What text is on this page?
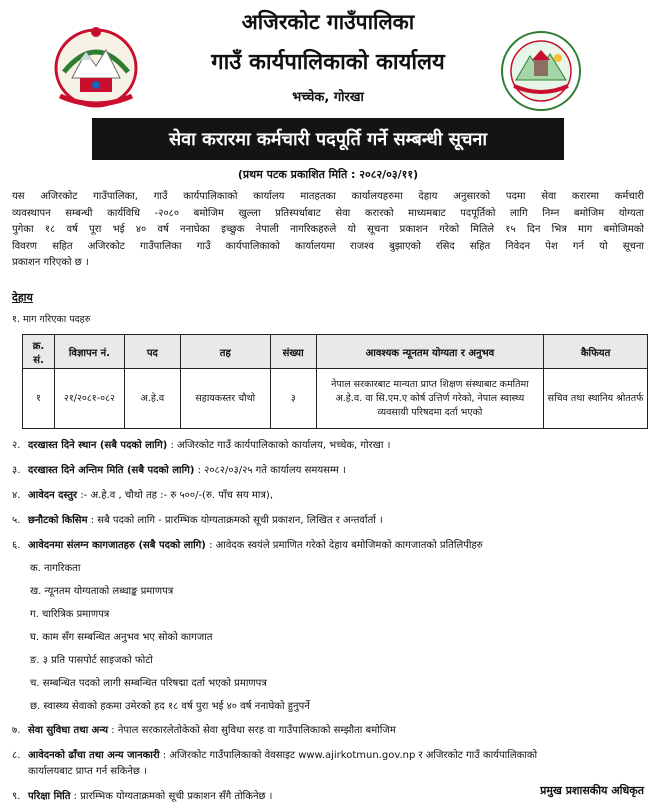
अजिरकोट गाउँपालिका
गाउँ कार्यपालिकाको कार्यालय
भच्चेक, गोरखा
सेवा करारमा कर्मचारी पदपूर्ति गर्ने सम्बन्धी सूचना
(प्रथम पटक प्रकाशित मिति : २०८२/०३/११)
यस अजिरकोट गाउँपालिका, गाउँ कार्यपालिकाको कार्यालय मातहतका कार्यालयहरुमा देहाय अनुसारको पदमा सेवा करारमा कर्मचारी
व्यवस्थापन सम्बन्धी कार्यविधि -२०८० बमोजिम खुल्ला प्रतिस्पर्धाबाट सेवा करारको माध्यमबाट पदपूर्तिको लागि निम्न बमोजिम योग्यता
पुगेका १८ वर्ष पूरा भई ४० वर्ष ननाघेका इच्छुक नेपाली नागरिकहरुले यो सूचना प्रकाशन गरेको मितिले १५ दिन भित्र माग बमोजिमको
विवरण सहित अजिरकोट गाउँपालिका गाउँ कार्यपालिकाको कार्यालयमा राजश्व बुझाएको रसिद सहित निवेदन पेश गर्न यो सूचना
प्रकाशन गरिएको छ ।
देहाय
१. माग गरिएका पदहरु
क्र. सं.	विज्ञापन नं.	पद	तह	संख्या	आवश्यक न्यूनतम योग्यता र अनुभव	कैफियत
१	२१/२०८१-०८२	अ.हे.व	सहायकस्तर चौथो	३	नेपाल सरकारबाट मान्यता प्राप्त शिक्षण संस्थाबाट कमतिमा अ.हे.व. वा सि.एम.ए कोर्ष उत्तिर्ण गरेको, नेपाल स्वास्थ्य व्यवसायी परिषदमा दर्ता भएको	सचिव तथा स्थानिय श्रोततर्फ
२. दरखास्त दिने स्थान (सबै पदको लागि) : अजिरकोट गाउँ कार्यपालिकाको कार्यालय, भच्चेक, गोरखा ।
३. दरखास्त दिने अन्तिम मिति (सबै पदको लागि) : २०८२/०३/२५ गते कार्यालय समयसम्म ।
४. आवेदन दस्तुर :- अ.हे.व , चौथो तह :- रु ५००/-(रु. पाँच सय मात्र),
५. छनौटको किसिम : सबै पदको लागि - प्रारम्भिक योग्यताक्रमको सूची प्रकाशन, लिखित र अन्तर्वार्ता ।
६. आवेदनमा संलग्न कागजातहरु (सबै पदको लागि) : आवेदक स्वयंले प्रमाणित गरेको देहाय बमोजिमको कागजातको प्रतिलिपीहरु
क. नागरिकता
ख. न्यूनतम योग्यताको लब्धाङ्क प्रमाणपत्र
ग. चारित्रिक प्रमाणपत्र
घ. काम सँग सम्बन्धित अनुभव भए सोको कागजात
ङ. ३ प्रति पासपोर्ट साइजको फोटो
च. सम्बन्धित पदको लागी सम्बन्धित परिषद्मा दर्ता भएको प्रमाणपत्र
छ. स्वास्थ्य सेवाको हकमा उमेरको हद १८ वर्ष पुरा भई ४० वर्ष ननाघेको हुनुपर्ने
७. सेवा सुविधा तथा अन्य : नेपाल सरकारलेतोकेको सेवा सुविधा सरह वा गाउँपालिकाको सम्झौता बमोजिम
८. आवेदनको ढाँचा तथा अन्य जानकारी : अजिरकोट गाउँपालिकाको वेवसाइट www.ajirkotmun.gov.np र अजिरकोट गाउँ कार्यपालिकाको
कार्यालयबाट प्राप्त गर्न सकिनेछ ।
९. परिक्षा मिति : प्रारम्भिक योग्यताक्रमको सूची प्रकाशन सँगै तोकिनेछ ।	प्रमुख प्रशासकीय अधिकृत
